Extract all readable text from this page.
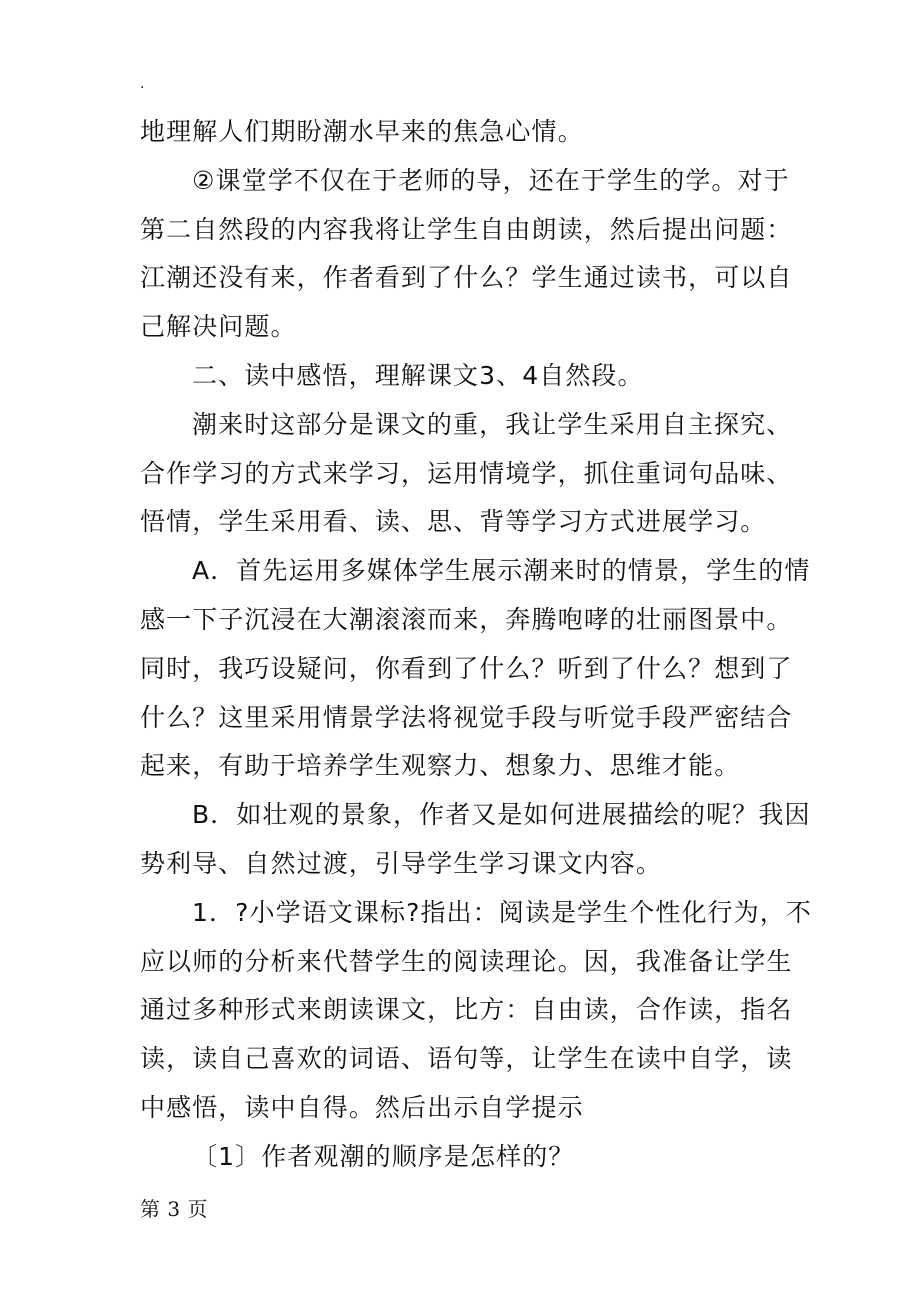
.
地理解人们期盼潮水早来的焦急心情。
②课堂学不仅在于老师的导，还在于学生的学。对于
第二自然段的内容我将让学生自由朗读，然后提出问题：
江潮还没有来，作者看到了什么？学生通过读书，可以自
己解决问题。
二、读中感悟，理解课文3、4自然段。
潮来时这部分是课文的重，我让学生采用自主探究、
合作学习的方式来学习，运用情境学，抓住重词句品味、
悟情，学生采用看、读、思、背等学习方式进展学习。
A．首先运用多媒体学生展示潮来时的情景，学生的情
感一下子沉浸在大潮滚滚而来，奔腾咆哮的壮丽图景中。
同时，我巧设疑问，你看到了什么？听到了什么？想到了
什么？这里采用情景学法将视觉手段与听觉手段严密结合
起来，有助于培养学生观察力、想象力、思维才能。
B．如壮观的景象，作者又是如何进展描绘的呢？我因
势利导、自然过渡，引导学生学习课文内容。
1．?小学语文课标?指出：阅读是学生个性化行为，不
应以师的分析来代替学生的阅读理论。因，我准备让学生
通过多种形式来朗读课文，比方：自由读，合作读，指名
读，读自己喜欢的词语、语句等，让学生在读中自学，读
中感悟，读中自得。然后出示自学提示
〔1〕作者观潮的顺序是怎样的？
第 3 页
